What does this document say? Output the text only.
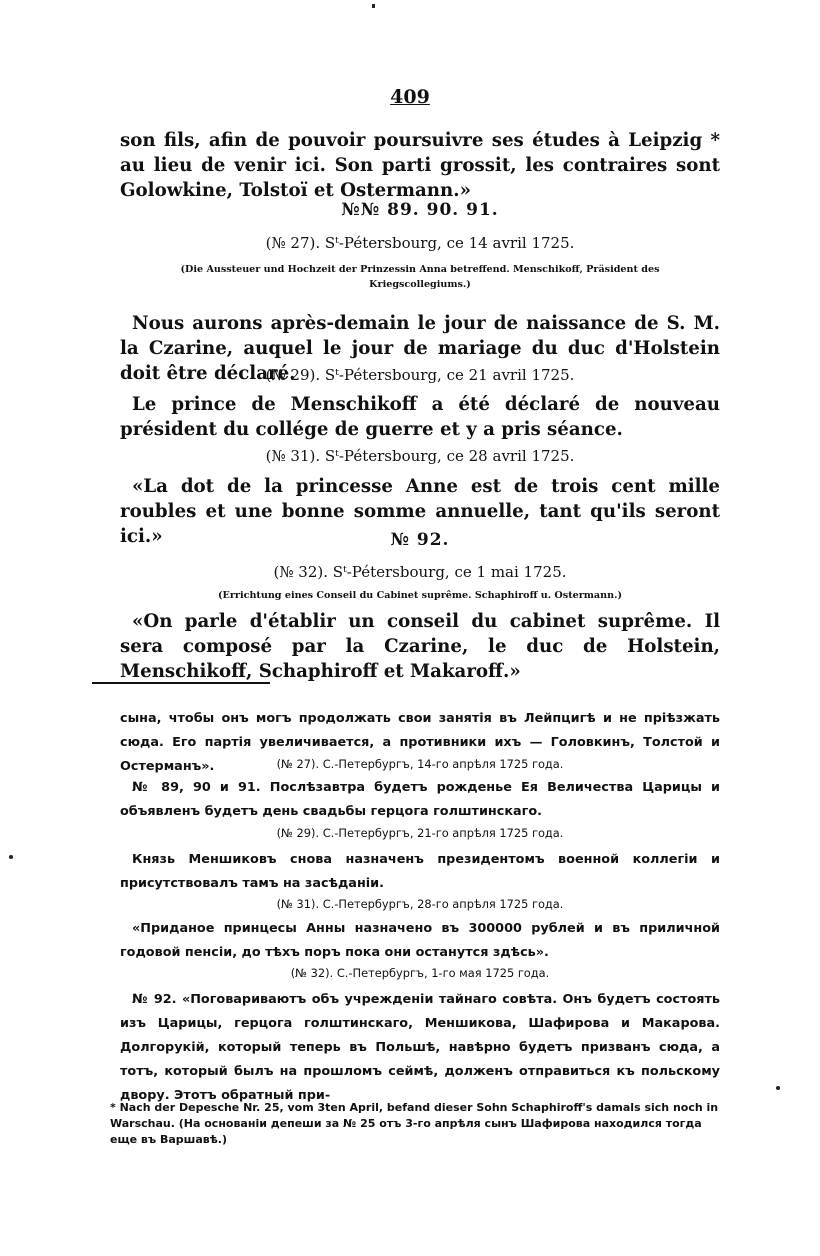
409
son fils, afin de pouvoir poursuivre ses études à Leipzig * au lieu de venir ici. Son parti grossit, les contraires sont Golowkine, Tolstoï et Ostermann.»
№№ 89. 90. 91.
(№ 27). Sᵗ-Pétersbourg, ce 14 avril 1725.
(Die Aussteuer und Hochzeit der Prinzessin Anna betreffend. Menschikoff, Präsident des Kriegscollegiums.)
Nous aurons après-demain le jour de naissance de S. M. la Czarine, auquel le jour de mariage du duc d'Holstein doit être déclaré.
(№ 29). Sᵗ-Pétersbourg, ce 21 avril 1725.
Le prince de Menschikoff a été déclaré de nouveau président du collége de guerre et y a pris séance.
(№ 31). Sᵗ-Pétersbourg, ce 28 avril 1725.
«La dot de la princesse Anne est de trois cent mille roubles et une bonne somme annuelle, tant qu'ils seront ici.»	№ 92.
(№ 32). Sᵗ-Pétersbourg, ce 1 mai 1725.
(Errichtung eines Conseil du Cabinet suprême. Schaphiroff u. Ostermann.)
«On parle d'établir un conseil du cabinet suprême. Il sera composé par la Czarine, le duc de Holstein, Menschikoff, Schaphiroff et Makaroff.»
сына, чтобы онъ могъ продолжать свои занятія въ Лейпцигѣ и не пріѣзжать сюда. Его партія увеличивается, а противники ихъ — Головкинъ, Толстой и Остерманъ».	(№ 27). С.-Петербургъ, 14-го апрѣля 1725 года.
№ 89, 90 и 91. Послѣзавтра будетъ рожденье Ея Величества Царицы и объявленъ будетъ день свадьбы герцога голштинскаго.
(№ 29). С.-Петербургъ, 21-го апрѣля 1725 года.
Князь Меншиковъ снова назначенъ президентомъ военной коллегіи и присутствовалъ тамъ на засѣданіи.
(№ 31). С.-Петербургъ, 28-го апрѣля 1725 года.
«Приданое принцесы Анны назначено въ 300000 рублей и въ приличной годовой пенсіи, до тѣхъ поръ пока они останутся здѣсь».
(№ 32). С.-Петербургъ, 1-го мая 1725 года.
№ 92. «Поговариваютъ объ учрежденіи тайнаго совѣта. Онъ будетъ состоять изъ Царицы, герцога голштинскаго, Меншикова, Шафирова и Макарова. Долгорукій, который теперь въ Польшѣ, навѣрно будетъ призванъ сюда, а тотъ, который былъ на прошломъ сеймѣ, долженъ отправиться къ польскому двору. Этотъ обратный при-
* Nach der Depesche Nr. 25, vom 3ten April, befand dieser Sohn Schaphiroff's damals sich noch in Warschau. (На основаніи депеши за № 25 отъ 3-го апрѣля сынъ Шафирова находился тогда еще въ Варшавѣ.)
